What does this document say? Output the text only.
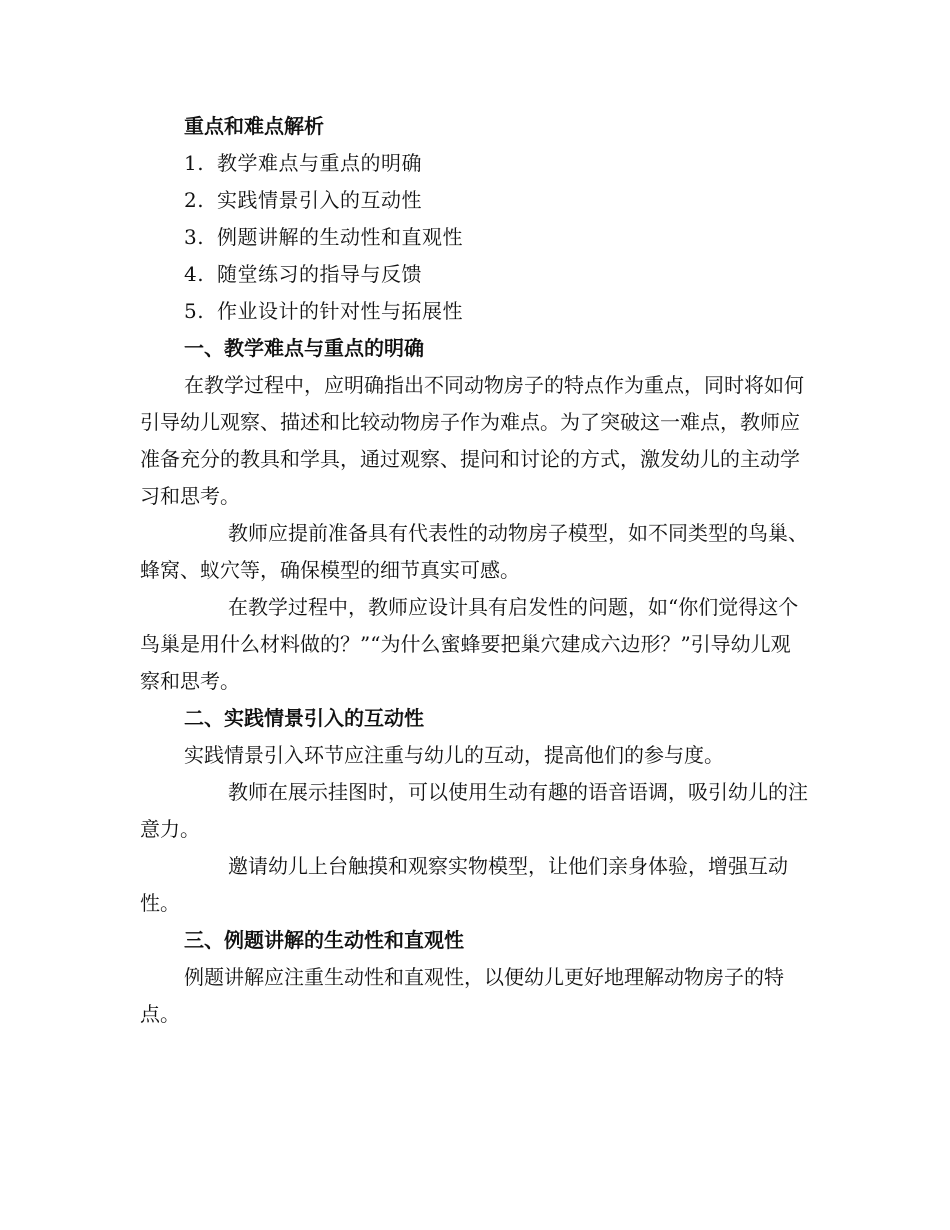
重点和难点解析
1. 教学难点与重点的明确
2. 实践情景引入的互动性
3. 例题讲解的生动性和直观性
4. 随堂练习的指导与反馈
5. 作业设计的针对性与拓展性
一、教学难点与重点的明确
在教学过程中，应明确指出不同动物房子的特点作为重点，同时将如何引导幼儿观察、描述和比较动物房子作为难点。为了突破这一难点，教师应准备充分的教具和学具，通过观察、提问和讨论的方式，激发幼儿的主动学习和思考。
教师应提前准备具有代表性的动物房子模型，如不同类型的鸟巢、蜂窝、蚁穴等，确保模型的细节真实可感。
在教学过程中，教师应设计具有启发性的问题，如“你们觉得这个鸟巢是用什么材料做的？”“为什么蜜蜂要把巢穴建成六边形？”引导幼儿观察和思考。
二、实践情景引入的互动性
实践情景引入环节应注重与幼儿的互动，提高他们的参与度。
教师在展示挂图时，可以使用生动有趣的语音语调，吸引幼儿的注意力。
邀请幼儿上台触摸和观察实物模型，让他们亲身体验，增强互动性。
三、例题讲解的生动性和直观性
例题讲解应注重生动性和直观性，以便幼儿更好地理解动物房子的特点。
